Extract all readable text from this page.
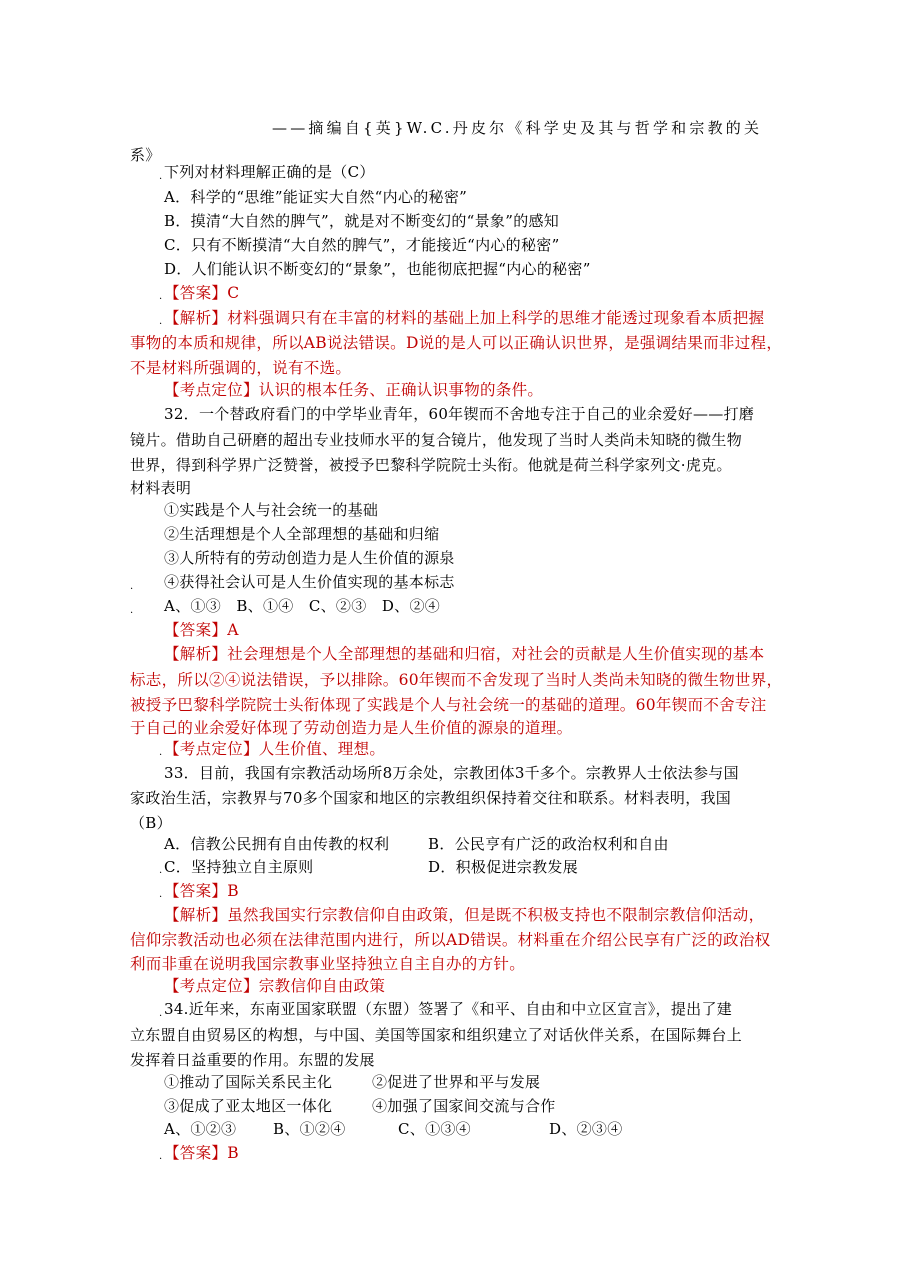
——摘编自{英}W.C.丹皮尔《科学史及其与哲学和宗教的关
系》
. 下列对材料理解正确的是（C）
A．科学的“思维”能证实大自然“内心的秘密”
B．摸清“大自然的脾气”，就是对不断变幻的“景象”的感知
C．只有不断摸清“大自然的脾气”，才能接近“内心的秘密”
D．人们能认识不断变幻的“景象”，也能彻底把握“内心的秘密”
. 【答案】C
. 【解析】材料强调只有在丰富的材料的基础上加上科学的思维才能透过现象看本质把握
事物的本质和规律，所以AB说法错误。D说的是人可以正确认识世界，是强调结果而非过程，
不是材料所强调的，说有不选。
【考点定位】认识的根本任务、正确认识事物的条件。
32．一个替政府看门的中学毕业青年，60年锲而不舍地专注于自己的业余爱好——打磨
镜片。借助自己研磨的超出专业技师水平的复合镜片，他发现了当时人类尚未知晓的微生物
世界，得到科学界广泛赞誉，被授予巴黎科学院院士头衔。他就是荷兰科学家列文·虎克。
材料表明
①实践是个人与社会统一的基础
②生活理想是个人全部理想的基础和归缩
③人所特有的劳动创造力是人生价值的源泉
. ④获得社会认可是人生价值实现的基本标志
. A、①③　B、①④　C、②③　D、②④
【答案】A
【解析】社会理想是个人全部理想的基础和归宿，对社会的贡献是人生价值实现的基本
标志，所以②④说法错误，予以排除。60年锲而不舍发现了当时人类尚未知晓的微生物世界，
被授予巴黎科学院院士头衔体现了实践是个人与社会统一的基础的道理。60年锲而不舍专注
于自己的业余爱好体现了劳动创造力是人生价值的源泉的道理。
. 【考点定位】人生价值、理想。
33．目前，我国有宗教活动场所8万余处，宗教团体3千多个。宗教界人士依法参与国
家政治生活，宗教界与70多个国家和地区的宗教组织保持着交往和联系。材料表明，我国
（B）
A．信教公民拥有自由传教的权利	B．公民亨有广泛的政治权利和自由
. C．坚持独立自主原则	D．积极促进宗教发展
. 【答案】B
【解析】虽然我国实行宗教信仰自由政策，但是既不积极支持也不限制宗教信仰活动，
信仰宗教活动也必须在法律范围内进行，所以AD错误。材料重在介绍公民享有广泛的政治权
利而非重在说明我国宗教事业坚持独立自主自办的方针。
【考点定位】宗教信仰自由政策
. 34.近年来，东南亚国家联盟（东盟）签署了《和平、自由和中立区宣言》，提出了建
立东盟自由贸易区的构想，与中国、美国等国家和组织建立了对话伙伴关系，在国际舞台上
发挥着日益重要的作用。东盟的发展
①推动了国际关系民主化	②促进了世界和平与发展
③促成了亚太地区一体化	④加强了国家间交流与合作
A、①②③ B、①②④	C、①③④	D、②③④
. 【答案】B
